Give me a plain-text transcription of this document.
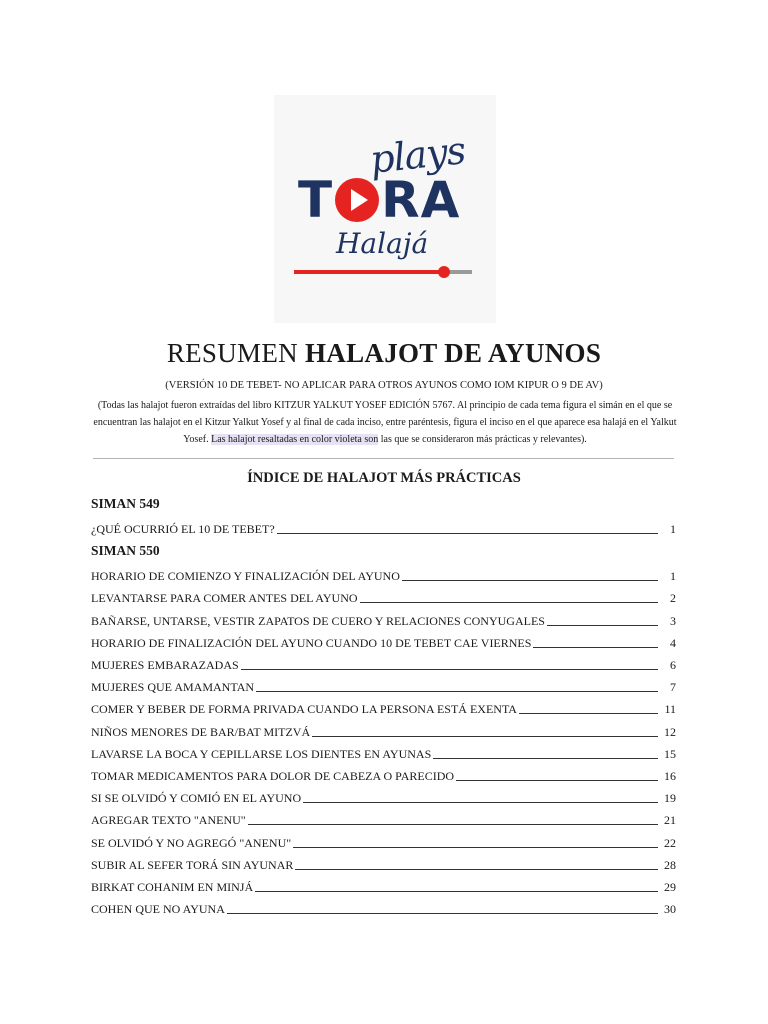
plays
T RA
Halajá
RESUMEN HALAJOT DE AYUNOS
(VERSIÓN 10 DE TEBET- NO APLICAR PARA OTROS AYUNOS COMO IOM KIPUR O 9 DE AV)
(Todas las halajot fueron extraídas del libro KITZUR YALKUT YOSEF EDICIÓN 5767. Al principio de cada tema figura el simán en el que se encuentran las halajot en el Kitzur Yalkut Yosef y al final de cada inciso, entre paréntesis, figura el inciso en el que aparece esa halajá en el Yalkut Yosef. Las halajot resaltadas en color violeta son las que se consideraron más prácticas y relevantes).
ÍNDICE DE HALAJOT MÁS PRÁCTICAS
SIMAN 549
¿QUÉ OCURRIÓ EL 10 DE TEBET?	1
SIMAN 550
HORARIO DE COMIENZO Y FINALIZACIÓN DEL AYUNO	1
LEVANTARSE PARA COMER ANTES DEL AYUNO	2
BAÑARSE, UNTARSE, VESTIR ZAPATOS DE CUERO Y RELACIONES CONYUGALES	3
HORARIO DE FINALIZACIÓN DEL AYUNO CUANDO 10 DE TEBET CAE VIERNES	4
MUJERES EMBARAZADAS	6
MUJERES QUE AMAMANTAN	7
COMER Y BEBER DE FORMA PRIVADA CUANDO LA PERSONA ESTÁ EXENTA	11
NIÑOS MENORES DE BAR/BAT MITZVÁ	12
LAVARSE LA BOCA Y CEPILLARSE LOS DIENTES EN AYUNAS	15
TOMAR MEDICAMENTOS PARA DOLOR DE CABEZA O PARECIDO	16
SI SE OLVIDÓ Y COMIÓ EN EL AYUNO	19
AGREGAR TEXTO "ANENU"	21
SE OLVIDÓ Y NO AGREGÓ "ANENU"	22
SUBIR AL SEFER TORÁ SIN AYUNAR	28
BIRKAT COHANIM EN MINJÁ	29
COHEN QUE NO AYUNA	30
